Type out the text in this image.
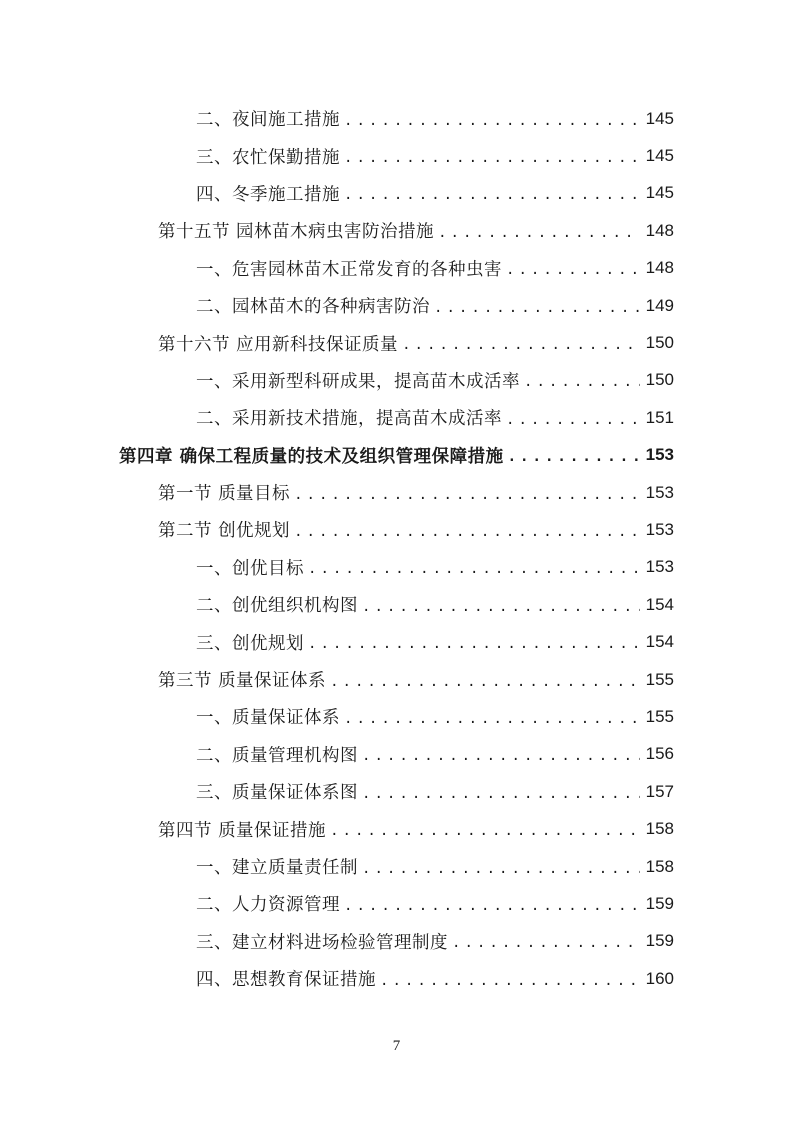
二、夜间施工措施 . . .	145
三、农忙保勤措施 . . .	145
四、冬季施工措施 . . .	145
第十五节 园林苗木病虫害防治措施 . . .	148
一、危害园林苗木正常发育的各种虫害 . . .	148
二、园林苗木的各种病害防治 . . .	149
第十六节 应用新科技保证质量 . . .	150
一、采用新型科研成果，提高苗木成活率 . . .	150
二、采用新技术措施，提高苗木成活率 . . .	151
第四章 确保工程质量的技术及组织管理保障措施 . . .	153
第一节 质量目标 . . .	153
第二节 创优规划 . . .	153
一、创优目标 . . .	153
二、创优组织机构图 . . .	154
三、创优规划 . . .	154
第三节 质量保证体系 . . .	155
一、质量保证体系 . . .	155
二、质量管理机构图 . . .	156
三、质量保证体系图 . . .	157
第四节 质量保证措施 . . .	158
一、建立质量责任制 . . .	158
二、人力资源管理 . . .	159
三、建立材料进场检验管理制度 . . .	159
四、思想教育保证措施 . . .	160
7
